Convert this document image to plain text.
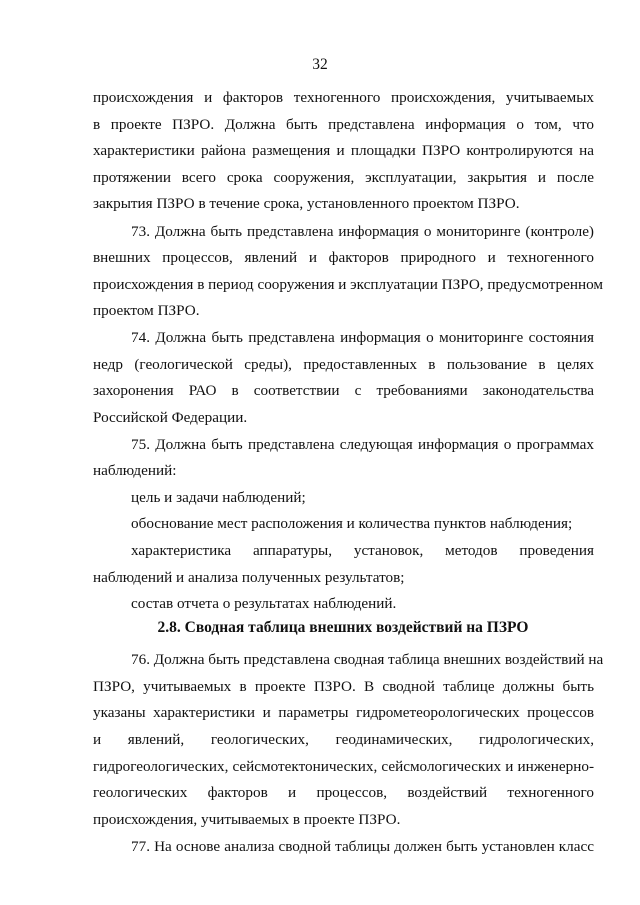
32
происхождения и факторов техногенного происхождения, учитываемых
в проекте ПЗРО. Должна быть представлена информация о том, что
характеристики района размещения и площадки ПЗРО контролируются на
протяжении всего срока сооружения, эксплуатации, закрытия и после
закрытия ПЗРО в течение срока, установленного проектом ПЗРО.
73. Должна быть представлена информация о мониторинге (контроле)
внешних процессов, явлений и факторов природного и техногенного
происхождения в период сооружения и эксплуатации ПЗРО, предусмотренном
проектом ПЗРО.
74. Должна быть представлена информация о мониторинге состояния
недр (геологической среды), предоставленных в пользование в целях
захоронения РАО в соответствии с требованиями законодательства
Российской Федерации.
75. Должна быть представлена следующая информация о программах
наблюдений:
цель и задачи наблюдений;
обоснование мест расположения и количества пунктов наблюдения;
характеристика аппаратуры, установок, методов проведения
наблюдений и анализа полученных результатов;
состав отчета о результатах наблюдений.
2.8. Сводная таблица внешних воздействий на ПЗРО
76. Должна быть представлена сводная таблица внешних воздействий на
ПЗРО, учитываемых в проекте ПЗРО. В сводной таблице должны быть
указаны характеристики и параметры гидрометеорологических процессов
и явлений, геологических, геодинамических, гидрологических,
гидрогеологических, сейсмотектонических, сейсмологических и инженерно-
геологических факторов и процессов, воздействий техногенного
происхождения, учитываемых в проекте ПЗРО.
77. На основе анализа сводной таблицы должен быть установлен класс
